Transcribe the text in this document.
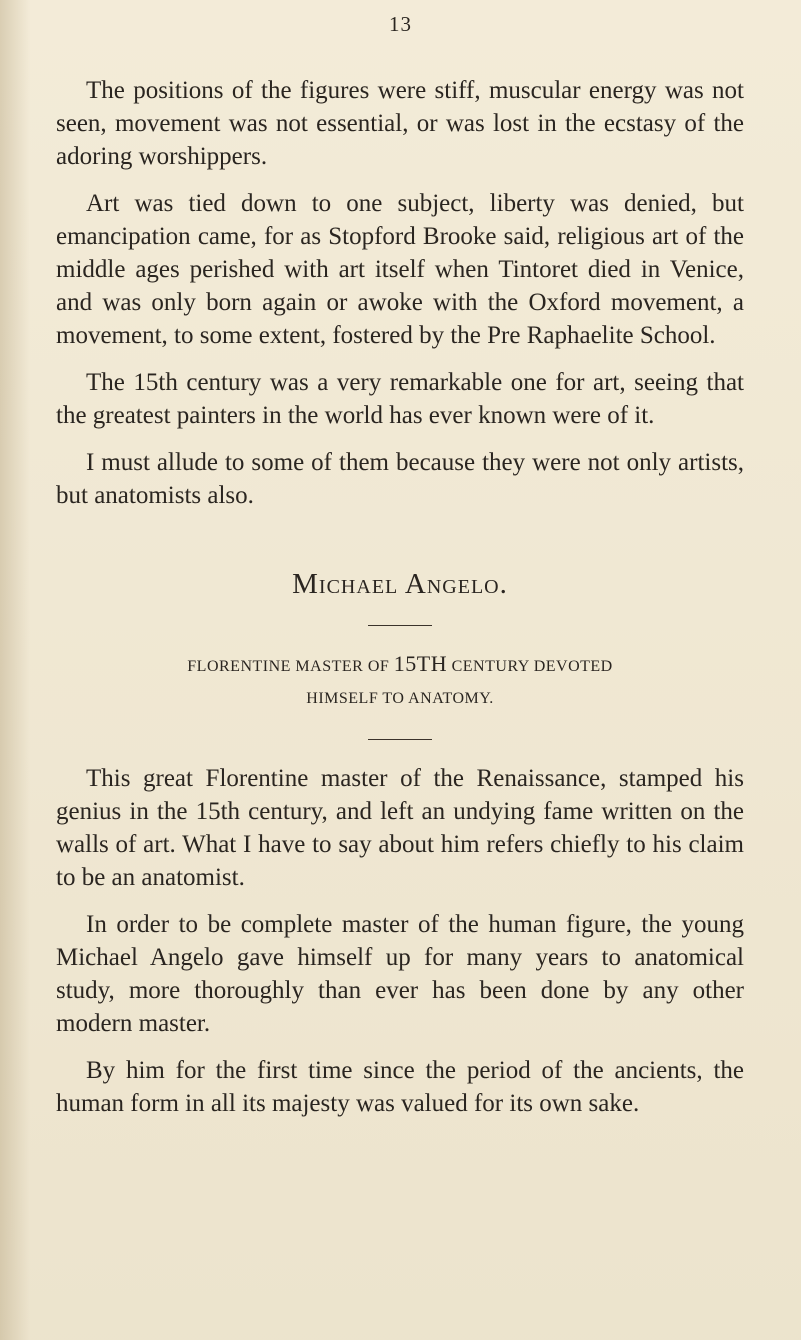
13

The positions of the figures were stiff, muscular energy was not seen, movement was not essential, or was lost in the ecstasy of the adoring worshippers.

Art was tied down to one subject, liberty was denied, but emancipation came, for as Stopford Brooke said, religious art of the middle ages perished with art itself when Tintoret died in Venice, and was only born again or awoke with the Oxford movement, a movement, to some extent, fostered by the Pre Raphaelite School.

The 15th century was a very remarkable one for art, seeing that the greatest painters in the world has ever known were of it.

I must allude to some of them because they were not only artists, but anatomists also.

Michael Angelo.
FLORENTINE MASTER OF 15TH CENTURY DEVOTED
HIMSELF TO ANATOMY.

This great Florentine master of the Renaissance, stamped his genius in the 15th century, and left an undying fame written on the walls of art. What I have to say about him refers chiefly to his claim to be an anatomist.

In order to be complete master of the human figure, the young Michael Angelo gave himself up for many years to anatomical study, more thoroughly than ever has been done by any other modern master.

By him for the first time since the period of the ancients, the human form in all its majesty was valued for its own sake.
